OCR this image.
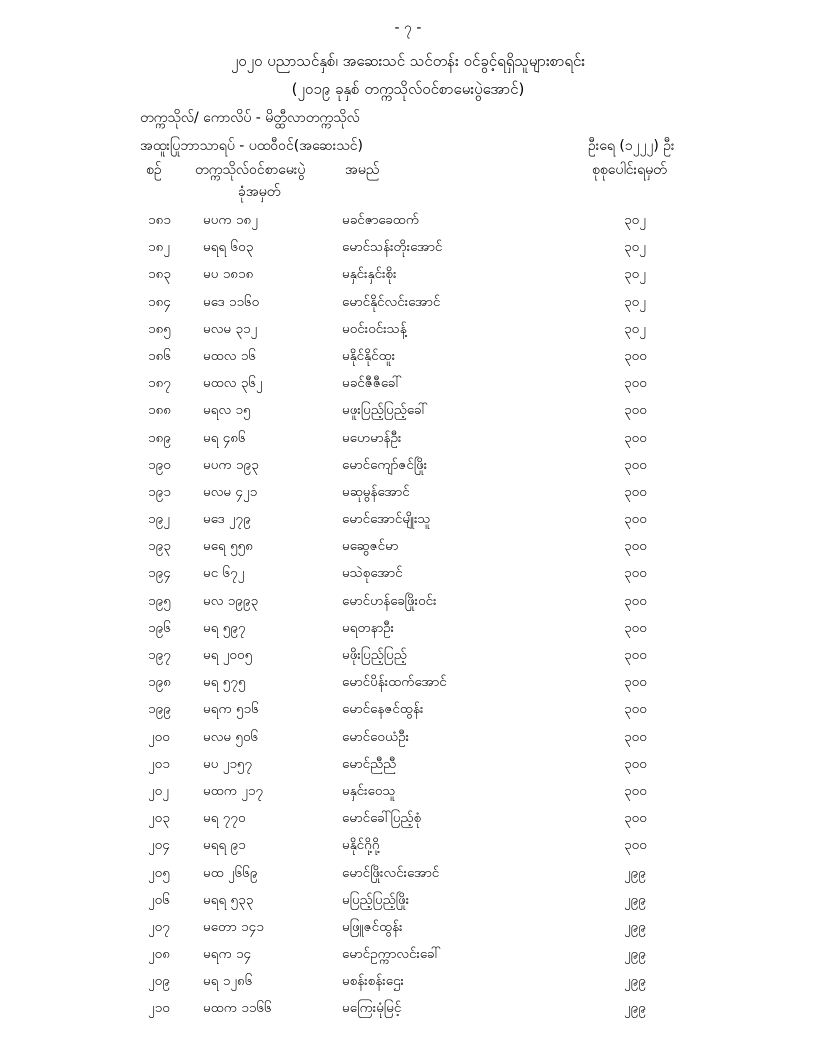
- ၇ -
၂၀၂၀ ပညာသင်နှစ်၊ အဆေးသင် သင်တန်း ဝင်ခွင့်ရရှိသူများစာရင်း
(၂၀၁၉ ခုနှစ် တက္ကသိုလ်ဝင်စာမေးပွဲအောင်)
တက္ကသိုလ်/ ကောလိပ် - မိတ္ထီလာတက္ကသိုလ်
အထူးပြုဘာသာရပ် - ပထဝီဝင်(အဆေးသင်)	ဦးရေ (၁၂၂၂) ဦး
စဉ် တက္ကသိုလ်ဝင်စာမေးပွဲ
ခုံအမှတ်
အမည်	စုစုပေါင်းရမှတ်
၁၈၁ မပက ၁၈၂	မခင်ဇာခေထက်	၃၀၂
၁၈၂ မရရ ၆၀၃	မောင်သန်းတိုးအောင်	၃၀၂
၁၈၃ မပ ၁၈၁၈	မနှင်းနှင်းစိုး	၃၀၂
၁၈၄ မဒေ ၁၁၆၀	မောင်နိုင်လင်းအောင်	၃၀၂
၁၈၅ မလမ ၃၁၂	မဝင်းဝင်းသန့်	၃၀၂
၁၈၆ မထလ ၁၆	မနိုင်နိုင်ထူး	၃၀၀
၁၈၇ မထလ ၃၆၂	မခင်ဇီဇီခေါ်	၃၀၀
၁၈၈ မရလ ၁၅	မဖူးပြည့်ပြည့်ခေါ်	၃၀၀
၁၈၉ မရ ၄၈၆	မဟေမာန်ဦး	၃၀၀
၁၉၀ မပက ၁၉၃	မောင်ကျော်ဇင်ဖြိုး	၃၀၀
၁၉၁ မလမ ၄၂၁	မဆုမွန်အောင်	၃၀၀
၁၉၂ မဒေ ၂၇၉	မောင်အောင်မျိုးသူ	၃၀၀
၁၉၃ မရေ ၅၅၈	မဆွေဇင်မာ	၃၀၀
၁၉၄ မင ၆၇၂	မသဲစုအောင်	၃၀၀
၁၉၅ မလ ၁၉၉၃	မောင်ဟန်ခေဖြိုးဝင်း	၃၀၀
၁၉၆ မရ ၅၉၇	မရတနာဦး	၃၀၀
၁၉၇ မရ ၂၀၀၅	မဖိုးပြည့်ပြည့်	၃၀၀
၁၉၈ မရ ၅၇၅	မောင်ပိန်းထက်အောင်	၃၀၀
၁၉၉ မရက ၅၁၆	မောင်နေဇင်ထွန်း	၃၀၀
၂၀၀ မလမ ၅၀၆	မောင်ဝေယံဦး	၃၀၀
၂၀၁ မပ ၂၁၅၇	မောင်ညီညီ	၃၀၀
၂၀၂	မထက ၂၁၇	မနှင်းဝေသူ	၃၀၀
၂၀၃ မရ ၇၇၀	မောင်ခေါ်ပြည့်စုံ	၃၀၀
၂၀၄ မရရ ၉၁	မနိုင်ဂို့ဂို့	၃၀၀
၂၀၅ မထ ၂၆၆၉	မောင်ဖြိုးလင်းအောင်	၂၉၉
၂၀၆ မရရ ၅၃၃	မပြည့်ပြည့်ဖြိုး	၂၉၉
၂၀၇ မတော ၁၄၁	မဖြူဇင်ထွန်း	၂၉၉
၂၀၈ မရက ၁၄	မောင်ဥက္ကာလင်းခေါ်	၂၉၉
၂၀၉ မရ ၁၂၈၆	မစန်းစန်းဌေး	၂၉၉
၂၁၀ မထက ၁၁၆၆	မကြေးမုံမြင့်	၂၉၉
